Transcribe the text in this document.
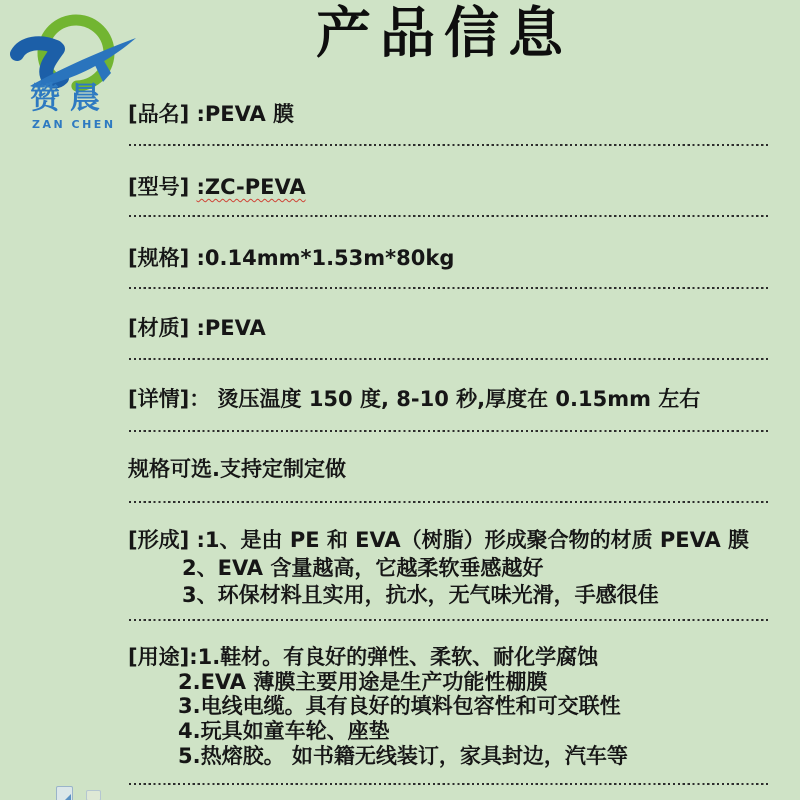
赞晨
ZAN CHEN
产品信息
[品名] :PEVA 膜
[型号] :ZC-PEVA
[规格] :0.14mm*1.53m*80kg
[材质] :PEVA
[详情]： 烫压温度 150 度, 8-10 秒,厚度在 0.15mm 左右
规格可选.支持定制定做
[形成] :1、是由 PE 和 EVA（树脂）形成聚合物的材质 PEVA 膜
2、EVA 含量越高，它越柔软垂感越好
3、环保材料且实用，抗水，无气味光滑，手感很佳
[用途]:1.鞋材。有良好的弹性、柔软、耐化学腐蚀
2.EVA 薄膜主要用途是生产功能性棚膜
3.电线电缆。具有良好的填料包容性和可交联性
4.玩具如童车轮、座垫
5.热熔胶。 如书籍无线装订，家具封边，汽车等
